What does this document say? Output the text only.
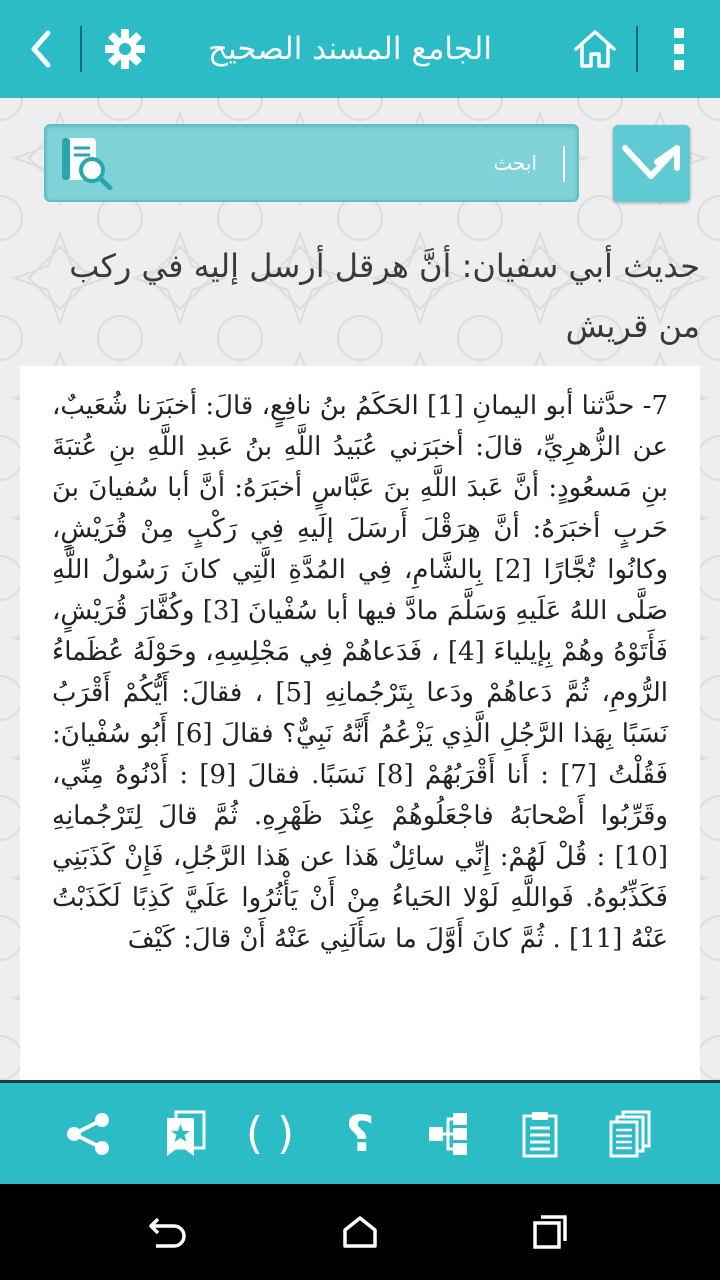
الجامع المسند الصحيح
ابحث
حديث أبي سفيان: أنَّ هرقل أرسل إليه في ركب من قريش

7- حدَّثنا أبو اليمانِ [1] الحَكَمُ بنُ نافِعٍ، قالَ: أخبَرَنا شُعَيبٌ، عن الزُّهرِيِّ، قالَ: أخبَرَني عُبَيدُ اللَّهِ بنُ عَبدِ اللَّهِ بنِ عُتبَةَ بنِ مَسعُودٍ: أنَّ عَبدَ اللَّهِ بنَ عَبَّاسٍ أخبَرَهُ: أنَّ أبا سُفيانَ بنَ حَربٍ أخبَرَهُ: أنَّ هِرَقْلَ أَرسَلَ إلَيهِ فِي رَكْبٍ مِنْ قُرَيْشٍ، وكانُوا تُجَّارًا [2] بِالشَّامِ، فِي المُدَّةِ الَّتِي كانَ رَسُولُ اللَّهِ صَلَّى اللهُ عَلَيهِ وَسَلَّمَ مادَّ فيها أبا سُفْيانَ [3] وكُفَّارَ قُرَيْشٍ، فَأَتَوْهُ وهُمْ بِإيلياءَ [4] ، فَدَعاهُمْ فِي مَجْلِسِهِ، وحَوْلَهُ عُظَماءُ الرُّومِ، ثُمَّ دَعاهُمْ ودَعا بِتَرْجُمانِهِ [5] ، فقالَ: أَيُّكُمْ أَقْرَبُ نَسَبًا بِهَذا الرَّجُلِ الَّذِي يَزْعُمُ أَنَّهُ نَبِيٌّ؟ فقالَ [6] أَبُو سُفْيانَ: فَقُلْتُ [7] : أَنا أَقْرَبُهُمْ [8] نَسَبًا. فقالَ [9] : أَدْنُوهُ مِنِّي، وقَرِّبُوا أَصْحابَهُ فاجْعَلُوهُمْ عِنْدَ ظَهْرِهِ. ثُمَّ قالَ لِتَرْجُمانِهِ [10] : قُلْ لَهُمْ: إِنِّي سائِلٌ هَذا عن هَذا الرَّجُلِ، فَإِنْ كَذَبَنِي فَكَذِّبُوهُ. فَواللَّهِ لَوْلا الحَياءُ مِنْ أَنْ يَأْثُرُوا عَلَيَّ كَذِبًا لَكَذَبْتُ عَنْهُ [11] . ثُمَّ كانَ أَوَّلَ ما سَأَلَنِي عَنْهُ أَنْ قالَ: كَيْفَ

( ) ؟
